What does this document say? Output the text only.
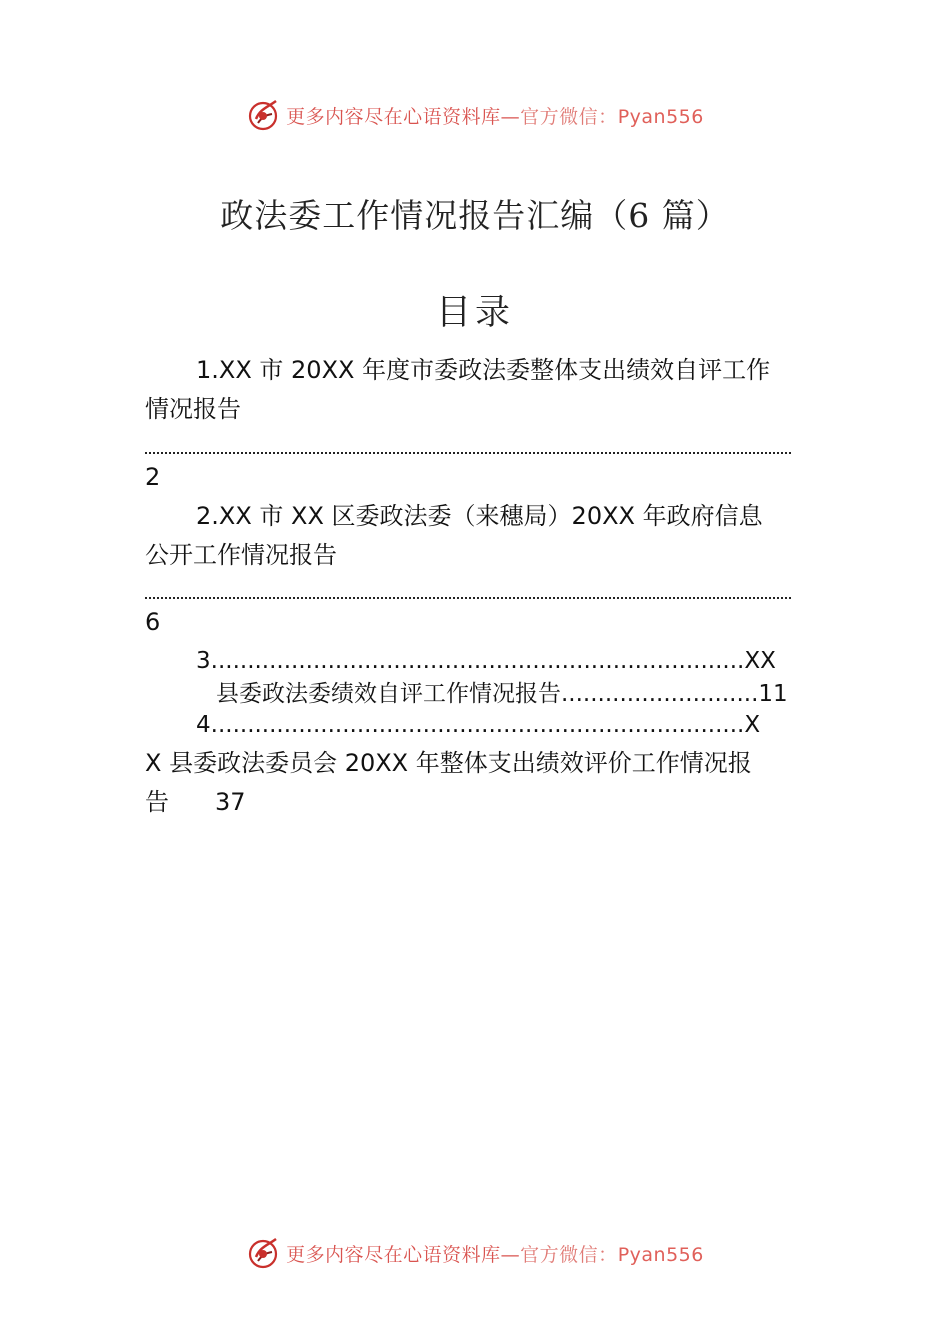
更多内容尽在心语资料库—官方微信：Pyan556
政法委工作情况报告汇编（6 篇）
目录
1.XX 市 20XX 年度市委政法委整体支出绩效自评工作
情况报告
2
2.XX 市 XX 区委政法委（来穗局）20XX 年政府信息
公开工作情况报告
6
3.........................................................................XX
县委政法委绩效自评工作情况报告...........................11
4.........................................................................X
X 县委政法委员会 20XX 年整体支出绩效评价工作情况报
告 37
更多内容尽在心语资料库—官方微信：Pyan556
